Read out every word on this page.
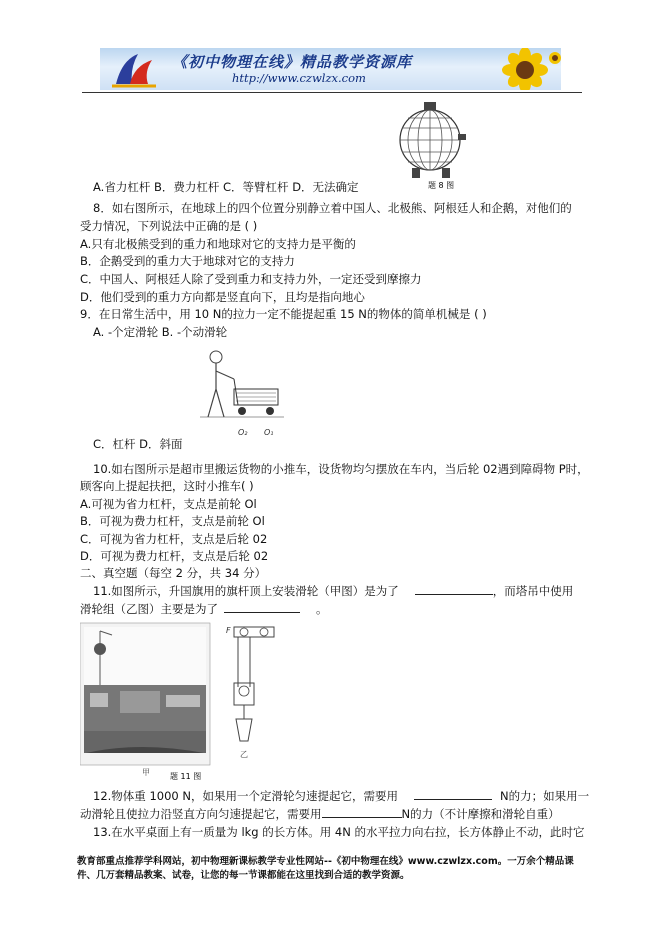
《初中物理在线》精品教学资源库
http://www.czwlzx.com
题 8 图
A.省力杠杆 B．费力杠杆 C．等臂杠杆 D．无法确定
8．如右图所示，在地球上的四个位置分别静立着中国人、北极熊、阿根廷人和企鹅，对他们的
受力情况，下列说法中正确的是 ( )
A.只有北极熊受到的重力和地球对它的支持力是平衡的
B．企鹅受到的重力大于地球对它的支持力
C．中国人、阿根廷人除了受到重力和支持力外，一定还受到摩擦力
D．他们受到的重力方向都是竖直向下，且均是指向地心
9．在日常生活中，用 10 N的拉力一定不能提起重 15 N的物体的简单机械是 ( )
A. -个定滑轮 B. -个动滑轮
O₂ O₁
C．杠杆 D．斜面
10.如右图所示是超市里搬运货物的小推车，设货物均匀摆放在车内，当后轮 02遇到障碍物 P时，
顾客向上提起扶把，这时小推车( )
A.可视为省力杠杆，支点是前轮 Ol
B．可视为费力杠杆，支点是前轮 Ol
C．可视为省力杠杆，支点是后轮 02
D．可视为费力杠杆，支点是后轮 02
二、真空题（每空 2 分，共 34 分）
11.如图所示，升国旗用的旗杆顶上安装滑轮（甲图）是为了	，而塔吊中使用
滑轮组（乙图）主要是为了	。
甲
F
乙
题 11 图
12.物体重 1000 N，如果用一个定滑轮匀速提起它，需要用	N的力；如果用一
动滑轮且使拉力沿竖直方向匀速提起它，需要用	N的力（不计摩擦和滑轮自重）
13.在水平桌面上有一质量为 lkg 的长方体。用 4N 的水平拉力向右拉，长方体静止不动，此时它
教育部重点推荐学科网站，初中物理新课标教学专业性网站--《初中物理在线》www.czwlzx.com。一万余个精品课
件、几万套精品教案、试卷，让您的每一节课都能在这里找到合适的教学资源。
